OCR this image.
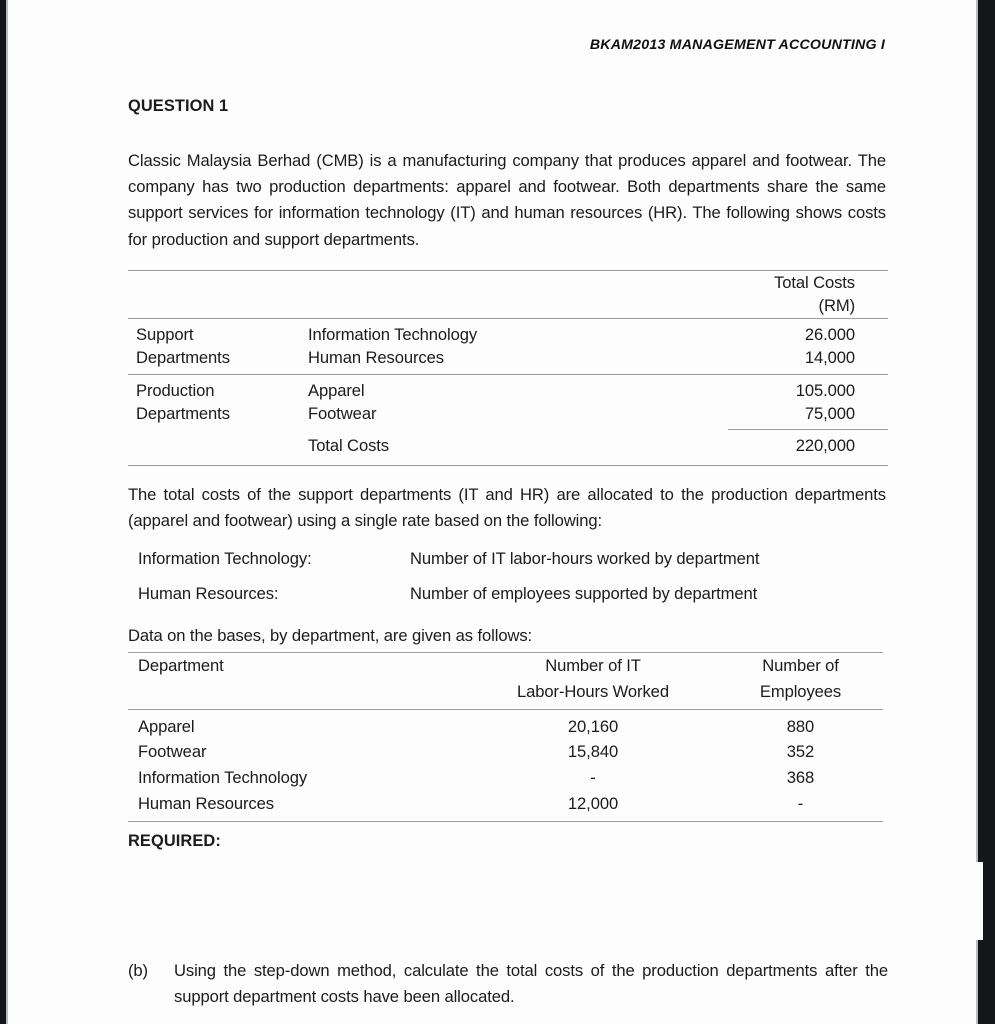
BKAM2013 MANAGEMENT ACCOUNTING I
QUESTION 1
Classic Malaysia Berhad (CMB) is a manufacturing company that produces apparel and footwear. The company has two production departments: apparel and footwear. Both departments share the same support services for information technology (IT) and human resources (HR). The following shows costs for production and support departments.

		Total Costs
		(RM)

Support	Information Technology	26.000
Departments	Human Resources	14,000

Production	Apparel	105.000
Departments	Footwear	75,000

	Total Costs	220,000

The total costs of the support departments (IT and HR) are allocated to the production departments (apparel and footwear) using a single rate based on the following:
Information Technology:	Number of IT labor-hours worked by department
Human Resources:	Number of employees supported by department
Data on the bases, by department, are given as follows:

Department	Number of IT	Number of
	Labor-Hours Worked	Employees

Apparel	20,160	880
Footwear	15,840	352
Information Technology	-	368
Human Resources	12,000	-

REQUIRED:
(b) Using the step-down method, calculate the total costs of the production departments after the support department costs have been allocated.
